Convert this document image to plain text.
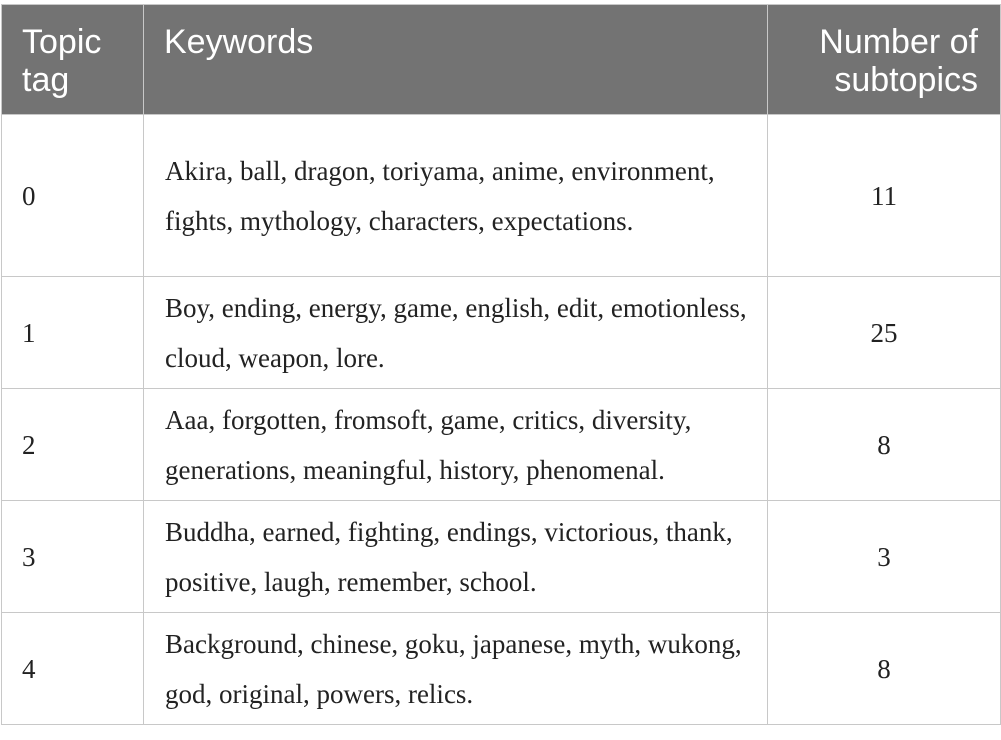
Topic tag	Keywords	Number of subtopics
0	Akira, ball, dragon, toriyama, anime, environment, fights, mythology, characters, expectations.	11
1	Boy, ending, energy, game, english, edit, emotionless, cloud, weapon, lore.	25
2	Aaa, forgotten, fromsoft, game, critics, diversity, generations, meaningful, history, phenomenal.	8
3	Buddha, earned, fighting, endings, victorious, thank, positive, laugh, remember, school.	3
4	Background, chinese, goku, japanese, myth, wukong, god, original, powers, relics.	8
